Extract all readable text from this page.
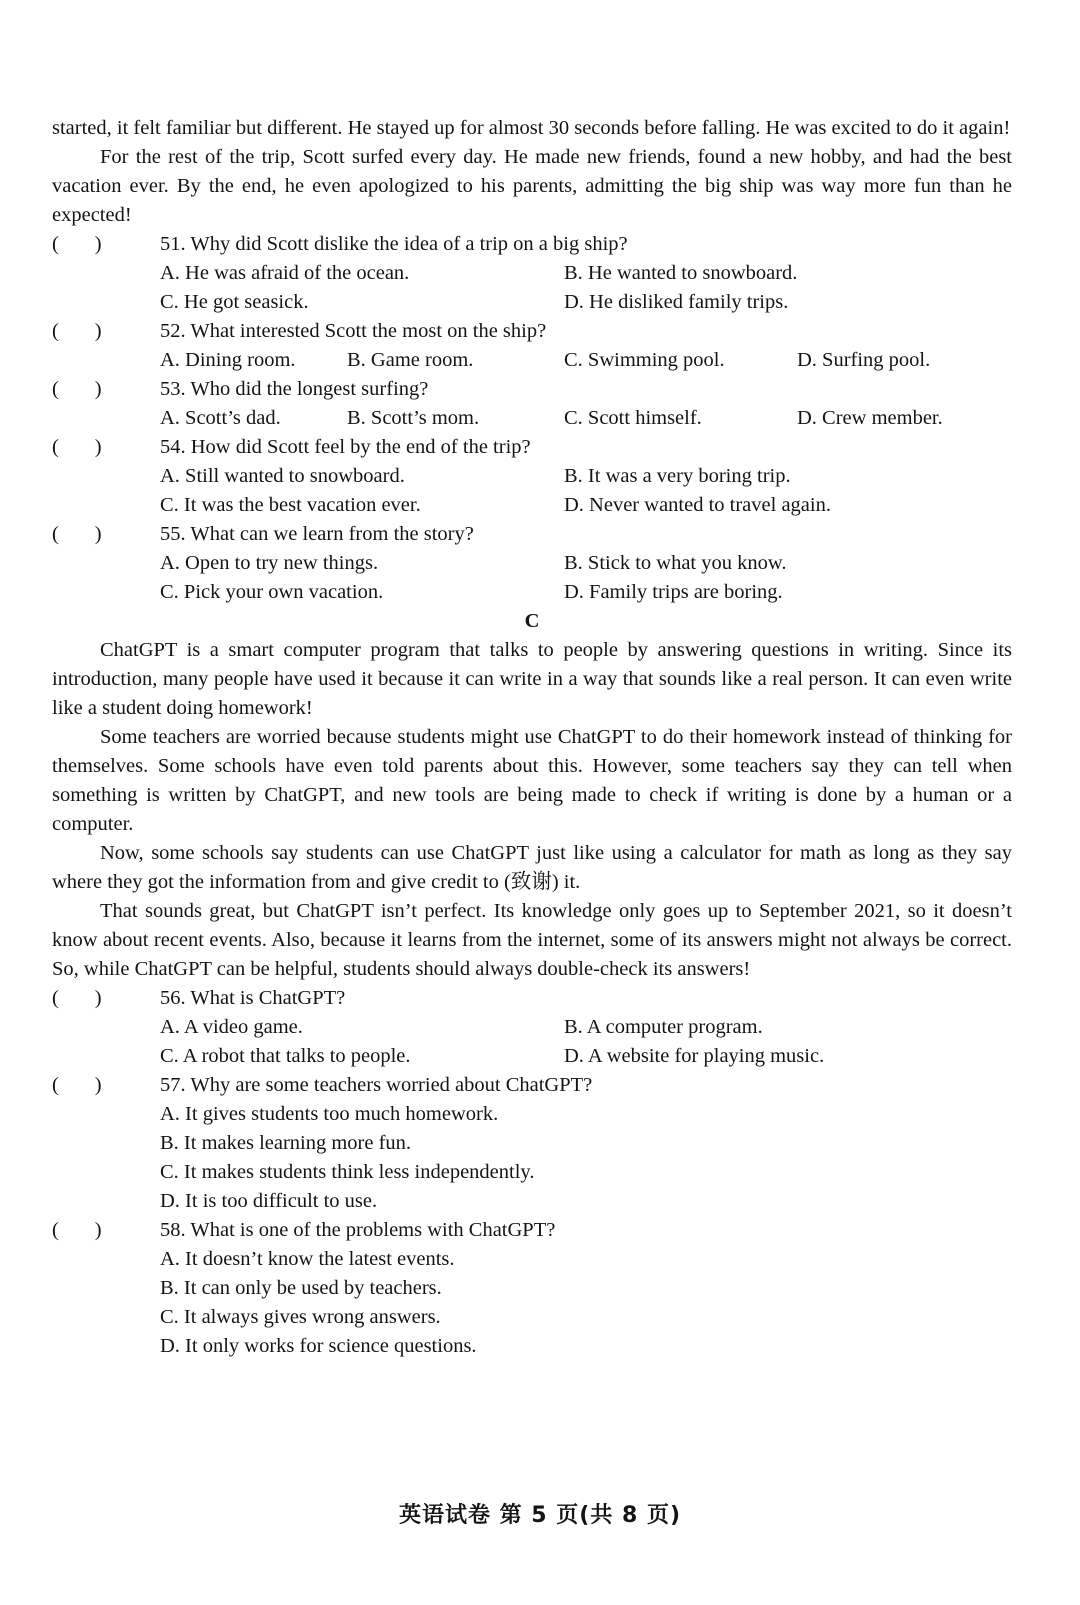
started, it felt familiar but different. He stayed up for almost 30 seconds before falling. He was excited to do it again!

For the rest of the trip, Scott surfed every day. He made new friends, found a new hobby, and had the best vacation ever. By the end, he even apologized to his parents, admitting the big ship was way more fun than he expected!

(       )	51. Why did Scott dislike the idea of a trip on a big ship?
A. He was afraid of the ocean.	B. He wanted to snowboard.
C. He got seasick.	D. He disliked family trips.
(       )	52. What interested Scott the most on the ship?
A. Dining room.	B. Game room.	C. Swimming pool.	D. Surfing pool.
(       )	53. Who did the longest surfing?
A. Scott’s dad.	B. Scott’s mom.	C. Scott himself.	D. Crew member.
(       )	54. How did Scott feel by the end of the trip?
A. Still wanted to snowboard.	B. It was a very boring trip.
C. It was the best vacation ever.	D. Never wanted to travel again.
(       )	55. What can we learn from the story?
A. Open to try new things.	B. Stick to what you know.
C. Pick your own vacation.	D. Family trips are boring.
C

ChatGPT is a smart computer program that talks to people by answering questions in writing. Since its introduction, many people have used it because it can write in a way that sounds like a real person. It can even write like a student doing homework!

Some teachers are worried because students might use ChatGPT to do their homework instead of thinking for themselves. Some schools have even told parents about this. However, some teachers say they can tell when something is written by ChatGPT, and new tools are being made to check if writing is done by a human or a computer.

Now, some schools say students can use ChatGPT just like using a calculator for math as long as they say where they got the information from and give credit to (致谢) it.

That sounds great, but ChatGPT isn’t perfect. Its knowledge only goes up to September 2021, so it doesn’t know about recent events. Also, because it learns from the internet, some of its answers might not always be correct. So, while ChatGPT can be helpful, students should always double-check its answers!

(       )	56. What is ChatGPT?
A. A video game.	B. A computer program.
C. A robot that talks to people.	D. A website for playing music.
(       )	57. Why are some teachers worried about ChatGPT?
A. It gives students too much homework.
B. It makes learning more fun.
C. It makes students think less independently.
D. It is too difficult to use.
(       )	58. What is one of the problems with ChatGPT?
A. It doesn’t know the latest events.
B. It can only be used by teachers.
C. It always gives wrong answers.
D. It only works for science questions.
英语试卷 第 5 页(共 8 页)
